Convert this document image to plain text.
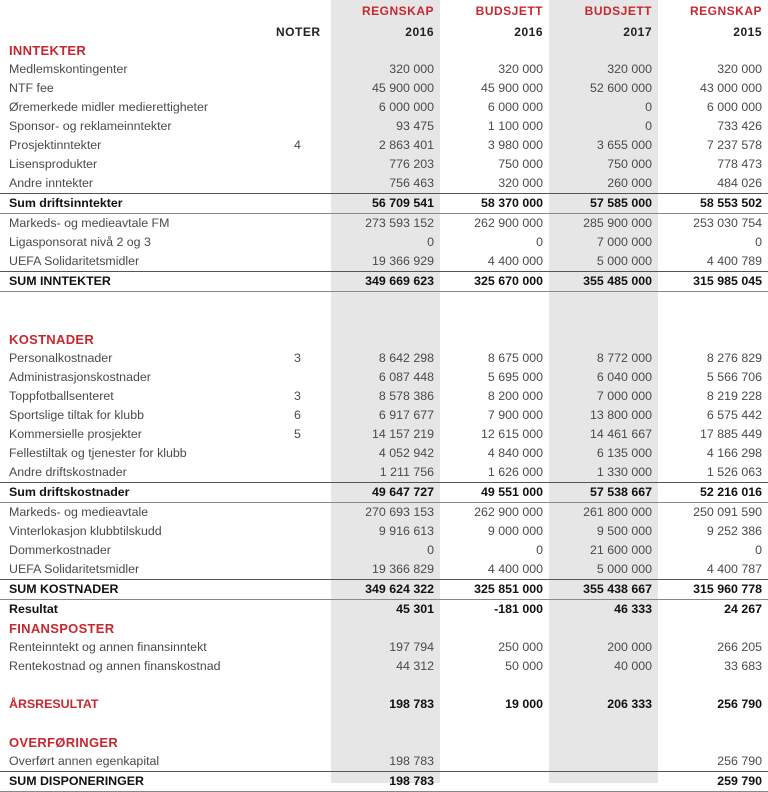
		REGNSKAP	BUDSJETT	BUDSJETT	REGNSKAP
	NOTER	2016	2016	2017	2015
INNTEKTER					
Medlemskontingenter		320 000	320 000	320 000	320 000
NTF fee		45 900 000	45 900 000	52 600 000	43 000 000
Øremerkede midler medierettigheter		6 000 000	6 000 000	0	6 000 000
Sponsor- og reklameinntekter		93 475	1 100 000	0	733 426
Prosjektinntekter	4	2 863 401	3 980 000	3 655 000	7 237 578
Lisensprodukter		776 203	750 000	750 000	778 473
Andre inntekter		756 463	320 000	260 000	484 026
Sum driftsinntekter		56 709 541	58 370 000	57 585 000	58 553 502
Markeds- og medieavtale FM		273 593 152	262 900 000	285 900 000	253 030 754
Ligasponsorat nivå 2 og 3		0	0	7 000 000	0
UEFA Solidaritetsmidler		19 366 929	4 400 000	5 000 000	4 400 789
SUM INNTEKTER		349 669 623	325 670 000	355 485 000	315 985 045

KOSTNADER					
Personalkostnader	3	8 642 298	8 675 000	8 772 000	8 276 829
Administrasjonskostnader		6 087 448	5 695 000	6 040 000	5 566 706
Toppfotballsenteret	3	8 578 386	8 200 000	7 000 000	8 219 228
Sportslige tiltak for klubb	6	6 917 677	7 900 000	13 800 000	6 575 442
Kommersielle prosjekter	5	14 157 219	12 615 000	14 461 667	17 885 449
Fellestiltak og tjenester for klubb		4 052 942	4 840 000	6 135 000	4 166 298
Andre driftskostnader		1 211 756	1 626 000	1 330 000	1 526 063
Sum driftskostnader		49 647 727	49 551 000	57 538 667	52 216 016
Markeds- og medieavtale		270 693 153	262 900 000	261 800 000	250 091 590
Vinterlokasjon klubbtilskudd		9 916 613	9 000 000	9 500 000	9 252 386
Dommerkostnader		0	0	21 600 000	0
UEFA Solidaritetsmidler		19 366 829	4 400 000	5 000 000	4 400 787
SUM KOSTNADER		349 624 322	325 851 000	355 438 667	315 960 778
Resultat		45 301	-181 000	46 333	24 267
FINANSPOSTER					
Renteinntekt og annen finansinntekt		197 794	250 000	200 000	266 205
Rentekostnad og annen finanskostnad		44 312	50 000	40 000	33 683

ÅRSRESULTAT		198 783	19 000	206 333	256 790

OVERFØRINGER					
Overført annen egenkapital		198 783			256 790
SUM DISPONERINGER		198 783			259 790
